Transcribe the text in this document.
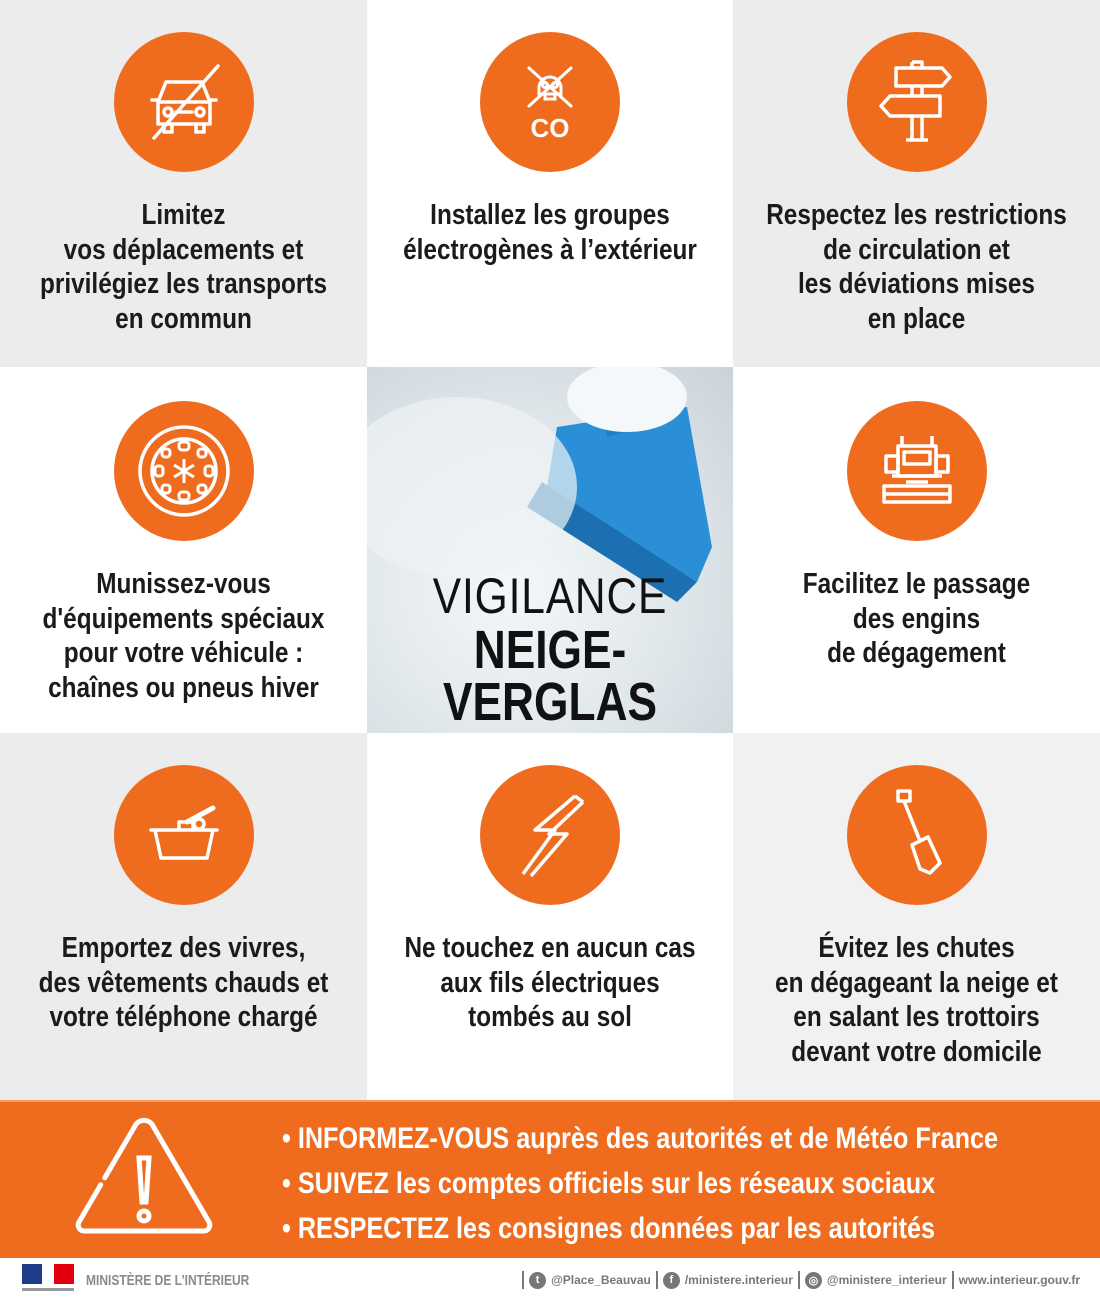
Limitez
vos déplacements et
privilégiez les transports
en commun
CO
Installez les groupes
électrogènes à l’extérieur
Respectez les restrictions
de circulation et
les déviations mises
en place
Munissez-vous
d'équipements spéciaux
pour votre véhicule :
chaînes ou pneus hiver
VIGILANCE
NEIGE-
VERGLAS
Facilitez le passage
des engins
de dégagement
Emportez des vivres,
des vêtements chauds et
votre téléphone chargé
Ne touchez en aucun cas
aux fils électriques
tombés au sol
Évitez les chutes
en dégageant la neige et
en salant les trottoirs
devant votre domicile
• INFORMEZ-VOUS auprès des autorités et de Météo France
• SUIVEZ les comptes officiels sur les réseaux sociaux
• RESPECTEZ les consignes données par les autorités
MINISTÈRE DE L’INTÉRIEUR	t @Place_Beauvau	f /ministere.interieur	◎ @ministere_interieur www.interieur.gouv.fr
